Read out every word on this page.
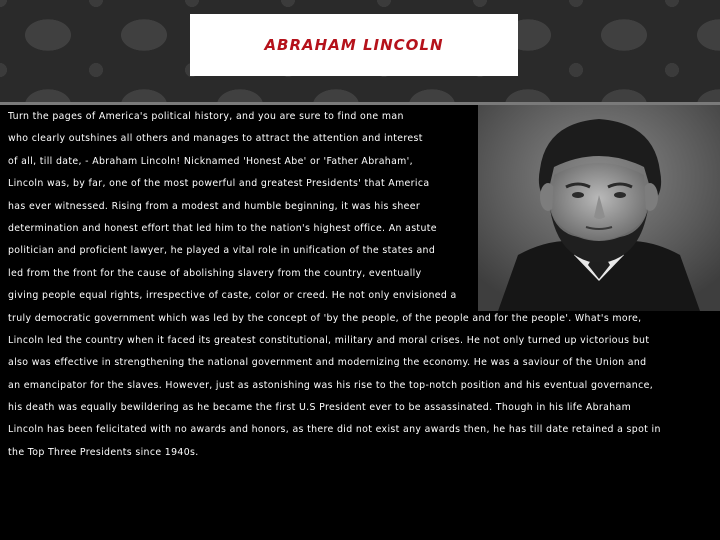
ABRAHAM LINCOLN
Turn the pages of America's political history, and you are sure to find one man
who clearly outshines all others and manages to attract the attention and interest
of all, till date, - Abraham Lincoln! Nicknamed 'Honest Abe' or 'Father Abraham',
Lincoln was, by far, one of the most powerful and greatest Presidents' that America
has ever witnessed. Rising from a modest and humble beginning, it was his sheer
determination and honest effort that led him to the nation's highest office. An astute
politician and proficient lawyer, he played a vital role in unification of the states and
led from the front for the cause of abolishing slavery from the country, eventually
giving people equal rights, irrespective of caste, color or creed. He not only envisioned a
truly democratic government which was led by the concept of 'by the people, of the people and for the people'. What's more,
Lincoln led the country when it faced its greatest constitutional, military and moral crises. He not only turned up victorious but
also was effective in strengthening the national government and modernizing the economy. He was a saviour of the Union and
an emancipator for the slaves. However, just as astonishing was his rise to the top-notch position and his eventual governance,
his death was equally bewildering as he became the first U.S President ever to be assassinated. Though in his life Abraham
Lincoln has been felicitated with no awards and honors, as there did not exist any awards then, he has till date retained a spot in
the Top Three Presidents since 1940s.
